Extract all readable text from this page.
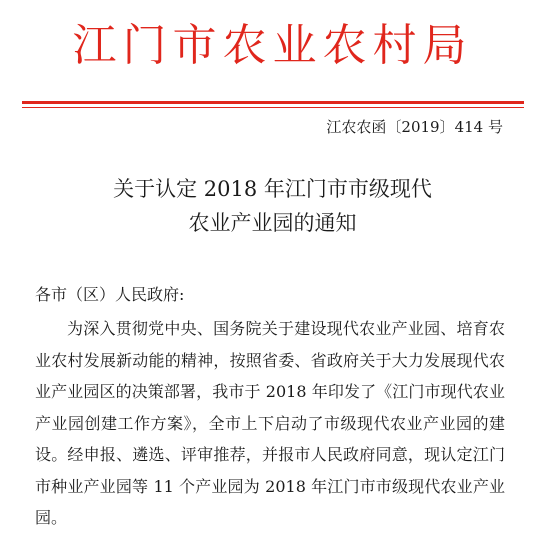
江门市农业农村局
江农农函〔2019〕414 号
关于认定 2018 年江门市市级现代
农业产业园的通知
各市（区）人民政府:

为深入贯彻党中央、国务院关于建设现代农业产业园、培育农业农村发展新动能的精神，按照省委、省政府关于大力发展现代农业产业园区的决策部署，我市于 2018 年印发了《江门市现代农业产业园创建工作方案》，全市上下启动了市级现代农业产业园的建设。经申报、遴选、评审推荐，并报市人民政府同意，现认定江门市种业产业园等 11 个产业园为 2018 年江门市市级现代农业产业园。
